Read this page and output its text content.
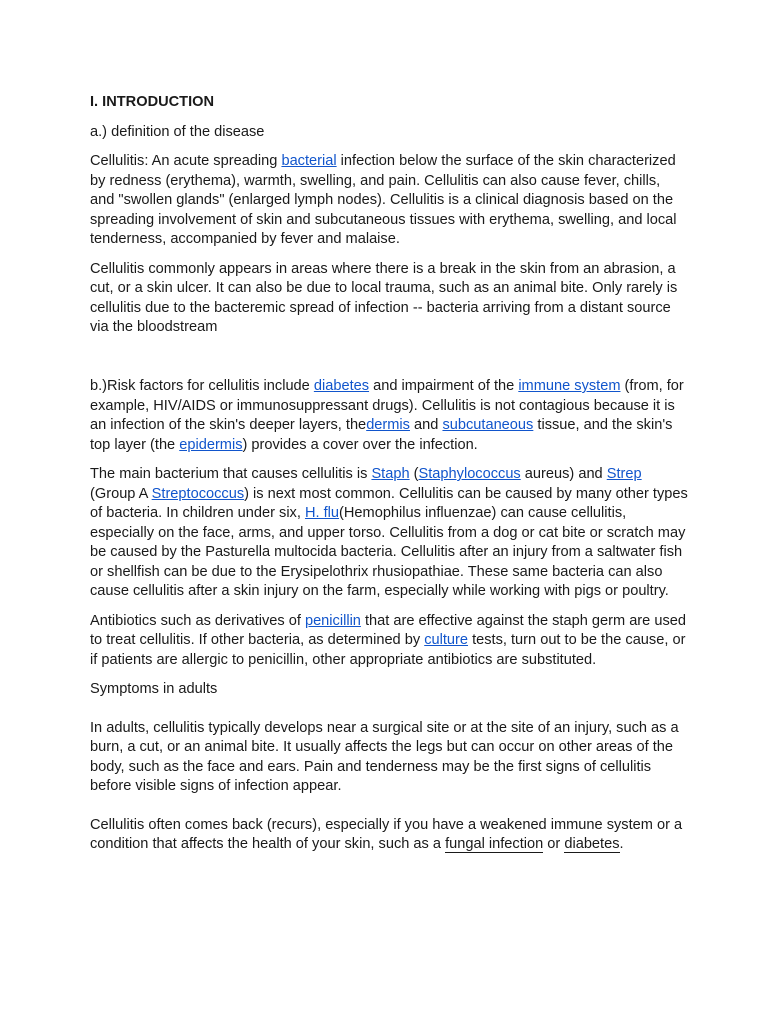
I. INTRODUCTION

a.) definition of the disease

Cellulitis: An acute spreading bacterial infection below the surface of the skin characterized by redness (erythema), warmth, swelling, and pain. Cellulitis can also cause fever, chills, and "swollen glands" (enlarged lymph nodes). Cellulitis is a clinical diagnosis based on the spreading involvement of skin and subcutaneous tissues with erythema, swelling, and local tenderness, accompanied by fever and malaise.

Cellulitis commonly appears in areas where there is a break in the skin from an abrasion, a cut, or a skin ulcer. It can also be due to local trauma, such as an animal bite. Only rarely is cellulitis due to the bacteremic spread of infection -- bacteria arriving from a distant source via the bloodstream

b.)Risk factors for cellulitis include diabetes and impairment of the immune system (from, for example, HIV/AIDS or immunosuppressant drugs). Cellulitis is not contagious because it is an infection of the skin's deeper layers, thedermis and subcutaneous tissue, and the skin's top layer (the epidermis) provides a cover over the infection.

The main bacterium that causes cellulitis is Staph (Staphylococcus aureus) and Strep (Group A Streptococcus) is next most common. Cellulitis can be caused by many other types of bacteria. In children under six, H. flu(Hemophilus influenzae) can cause cellulitis, especially on the face, arms, and upper torso. Cellulitis from a dog or cat bite or scratch may be caused by the Pasturella multocida bacteria. Cellulitis after an injury from a saltwater fish or shellfish can be due to the Erysipelothrix rhusiopathiae. These same bacteria can also cause cellulitis after a skin injury on the farm, especially while working with pigs or poultry.

Antibiotics such as derivatives of penicillin that are effective against the staph germ are used to treat cellulitis. If other bacteria, as determined by culture tests, turn out to be the cause, or if patients are allergic to penicillin, other appropriate antibiotics are substituted.

Symptoms in adults

In adults, cellulitis typically develops near a surgical site or at the site of an injury, such as a burn, a cut, or an animal bite. It usually affects the legs but can occur on other areas of the body, such as the face and ears. Pain and tenderness may be the first signs of cellulitis before visible signs of infection appear.

Cellulitis often comes back (recurs), especially if you have a weakened immune system or a condition that affects the health of your skin, such as a fungal infection or diabetes.
